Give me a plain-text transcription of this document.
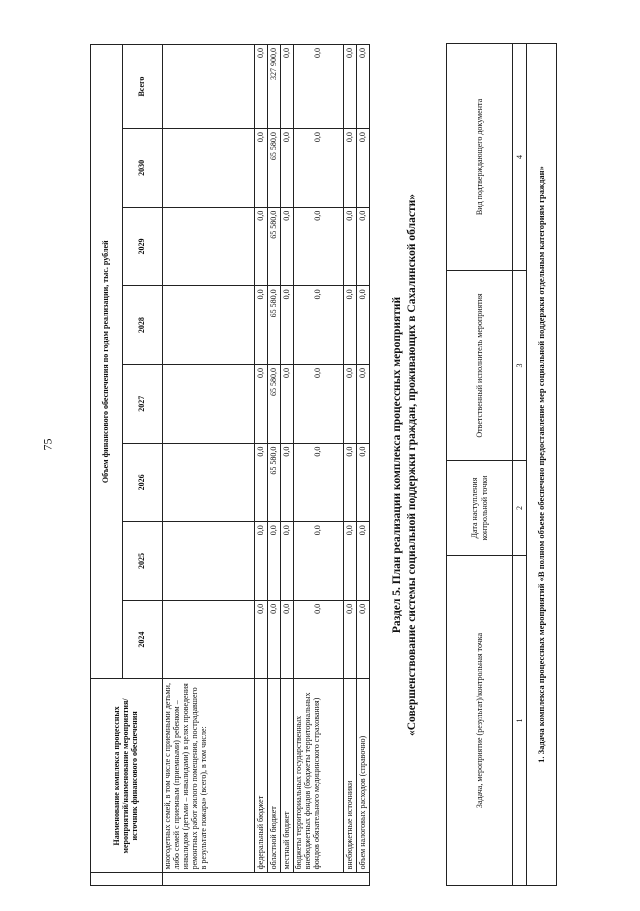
75
	Наименование комплекса процессных мероприятий/наименование мероприятия/ источник финансового обеспечения	Объем финансового обеспечения по годам реализации, тыс. рублей							
		2024	2025	2026	2027	2028	2029	2030	Всего
	многодетных семей, в том числе с приемными детьми, либо семей с приемным (приемными) ребенком – инвалидом (детьми – инвалидами) в целях проведения ремонтных работ жилого помещения, пострадавшего в результате пожара» (всего), в том числе:								
	федеральный бюджет	0,0	0,0	0,0	0,0	0,0	0,0	0,0	0,0
	областной бюджет	0,0	0,0	65 580,0	65 580,0	65 580,0	65 580,0	65 580,0	327 900,0
	местный бюджет	0,0	0,0	0,0	0,0	0,0	0,0	0,0	0,0
	бюджеты территориальных государственных внебюджетных фондов (бюджеты территориальных фондов обязательного медицинского страхования)	0,0	0,0	0,0	0,0	0,0	0,0	0,0	0,0
	внебюджетные источники	0,0	0,0	0,0	0,0	0,0	0,0	0,0	0,0
	объем налоговых расходов (справочно)	0,0	0,0	0,0	0,0	0,0	0,0	0,0	0,0
Раздел 5. План реализации комплекса процессных мероприятий «Совершенствование системы социальной поддержки граждан, проживающих в Сахалинской области»	Задача, мероприятие (результат)/контрольная точка	Дата наступления контрольной точки	Ответственный исполнитель мероприятия	Вид подтверждающего документа
1	2	3	4
1. Задача комплекса процессных мероприятий «В полном объеме обеспечено предоставление мер социальной поддержки отдельным категориям граждан»			
